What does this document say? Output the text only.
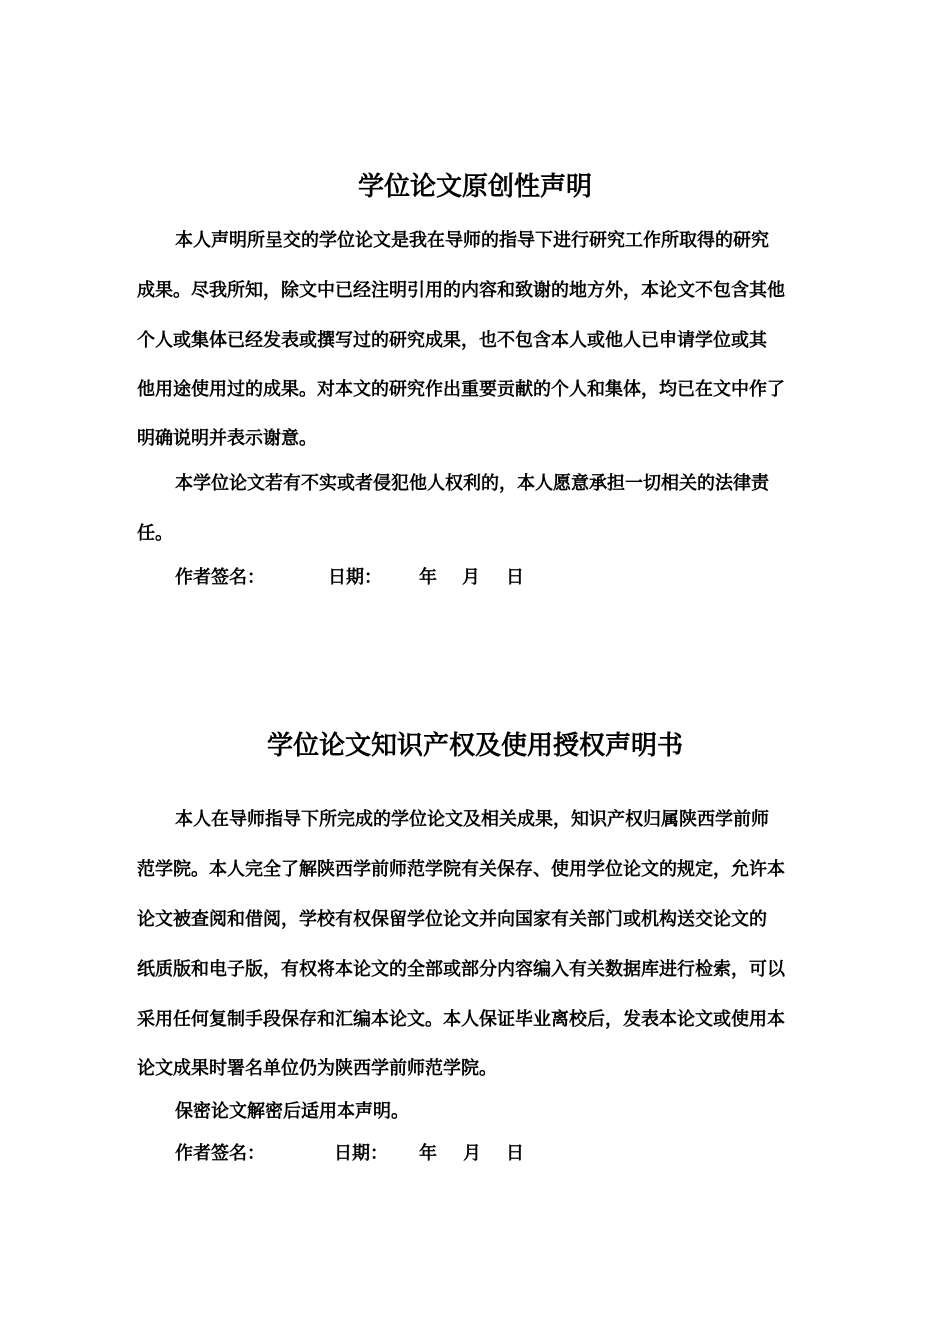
学位论文原创性声明
本人声明所呈交的学位论文是我在导师的指导下进行研究工作所取得的研究
成果。尽我所知，除文中已经注明引用的内容和致谢的地方外，本论文不包含其他
个人或集体已经发表或撰写过的研究成果，也不包含本人或他人已申请学位或其
他用途使用过的成果。对本文的研究作出重要贡献的个人和集体，均已在文中作了
明确说明并表示谢意。
本学位论文若有不实或者侵犯他人权利的，本人愿意承担一切相关的法律责
任。
作者签名：	日期： 年 月 日
学位论文知识产权及使用授权声明书
本人在导师指导下所完成的学位论文及相关成果，知识产权归属陕西学前师
范学院。本人完全了解陕西学前师范学院有关保存、使用学位论文的规定，允许本
论文被查阅和借阅，学校有权保留学位论文并向国家有关部门或机构送交论文的
纸质版和电子版，有权将本论文的全部或部分内容编入有关数据库进行检索，可以
采用任何复制手段保存和汇编本论文。本人保证毕业离校后，发表本论文或使用本
论文成果时署名单位仍为陕西学前师范学院。
保密论文解密后适用本声明。
作者签名：	日期： 年 月 日
